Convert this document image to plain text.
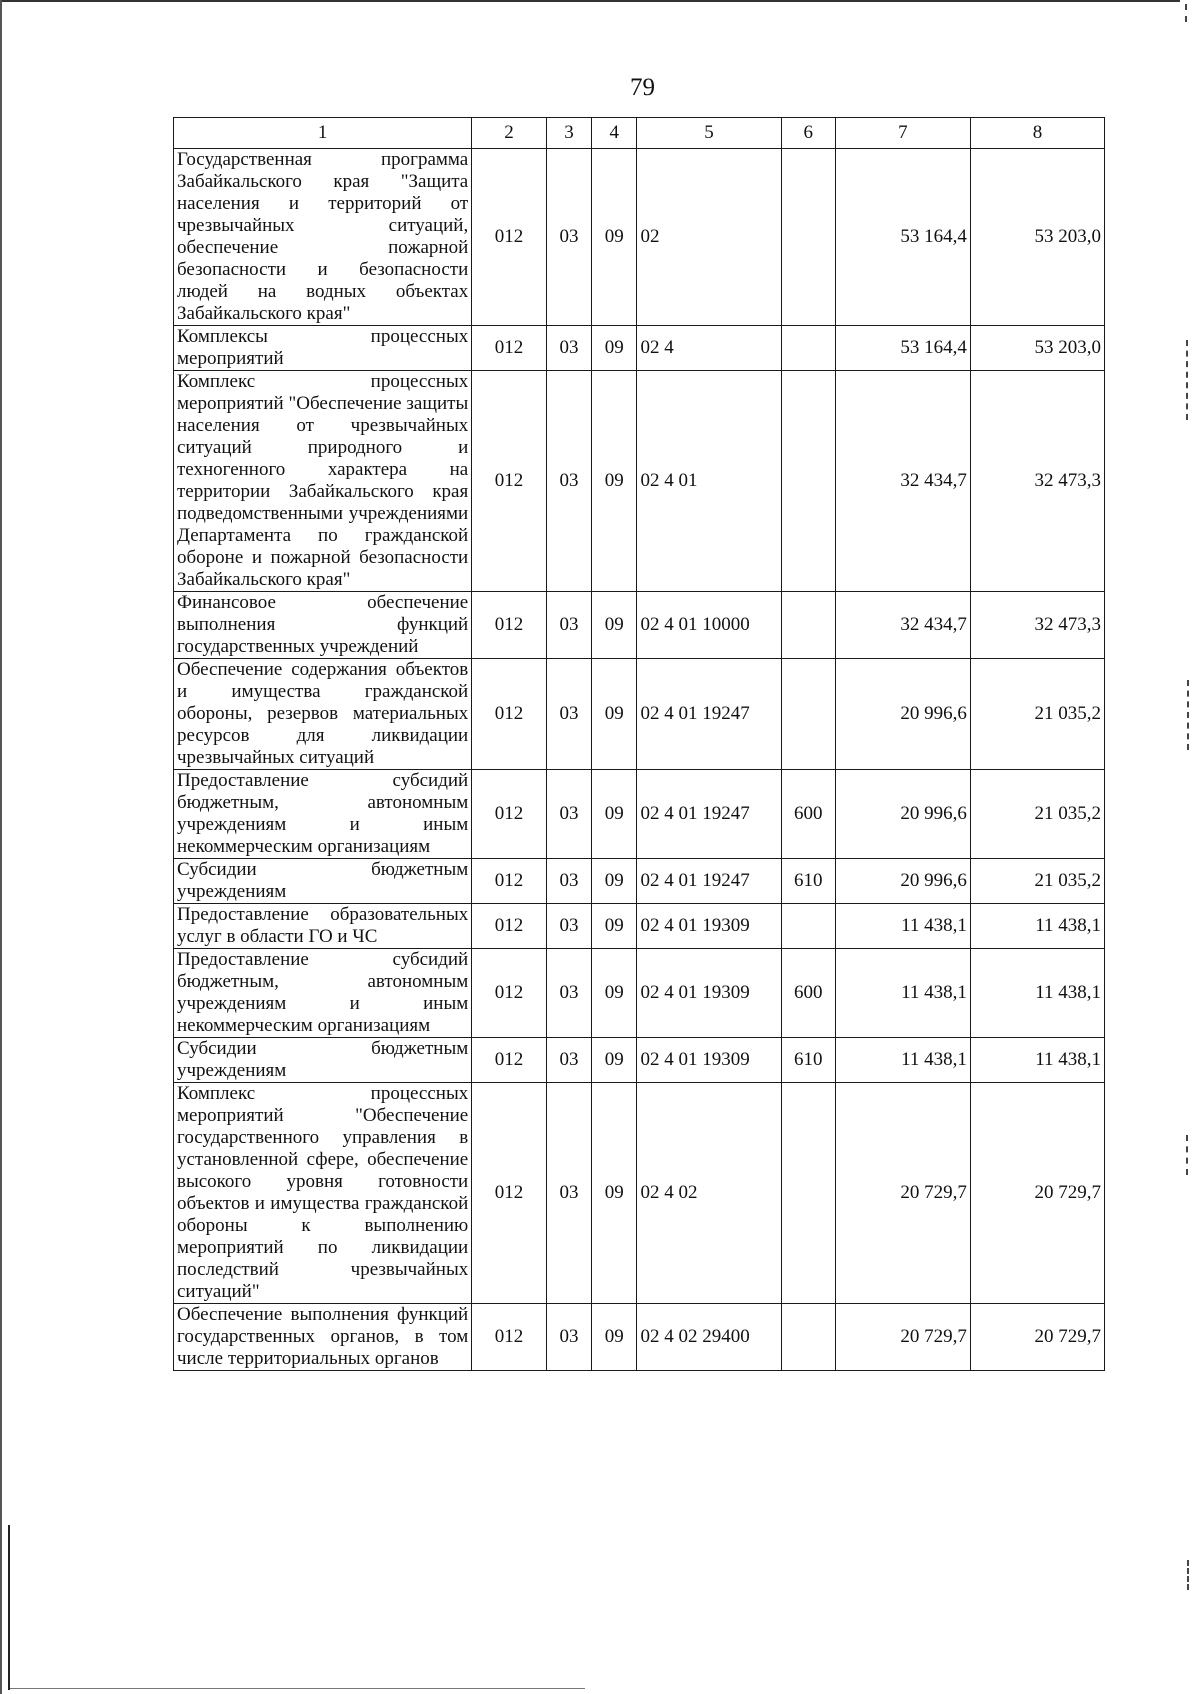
79
1	2	3	4	5	6	7	8
Государственная программа Забайкальского края "Защита населения и территорий от чрезвычайных ситуаций, обеспечение пожарной безопасности и безопасности людей на водных объектах Забайкальского края"	012	03	09	02		53 164,4	53 203,0
Комплексы процессных мероприятий	012	03	09	02 4		53 164,4	53 203,0
Комплекс процессных мероприятий "Обеспечение защиты населения от чрезвычайных ситуаций природного и техногенного характера на территории Забайкальского края подведомственными учреждениями Департамента по гражданской обороне и пожарной безопасности Забайкальского края"	012	03	09	02 4 01		32 434,7	32 473,3
Финансовое обеспечение выполнения функций государственных учреждений	012	03	09	02 4 01 10000		32 434,7	32 473,3
Обеспечение содержания объектов и имущества гражданской обороны, резервов материальных ресурсов для ликвидации чрезвычайных ситуаций	012	03	09	02 4 01 19247		20 996,6	21 035,2
Предоставление субсидий бюджетным, автономным учреждениям и иным некоммерческим организациям	012	03	09	02 4 01 19247	600	20 996,6	21 035,2
Субсидии бюджетным учреждениям	012	03	09	02 4 01 19247	610	20 996,6	21 035,2
Предоставление образовательных услуг в области ГО и ЧС	012	03	09	02 4 01 19309		11 438,1	11 438,1
Предоставление субсидий бюджетным, автономным учреждениям и иным некоммерческим организациям	012	03	09	02 4 01 19309	600	11 438,1	11 438,1
Субсидии бюджетным учреждениям	012	03	09	02 4 01 19309	610	11 438,1	11 438,1
Комплекс процессных мероприятий "Обеспечение государственного управления в установленной сфере, обеспечение высокого уровня готовности объектов и имущества гражданской обороны к выполнению мероприятий по ликвидации последствий чрезвычайных ситуаций"	012	03	09	02 4 02		20 729,7	20 729,7
Обеспечение выполнения функций государственных органов, в том числе территориальных органов	012	03	09	02 4 02 29400		20 729,7	20 729,7
